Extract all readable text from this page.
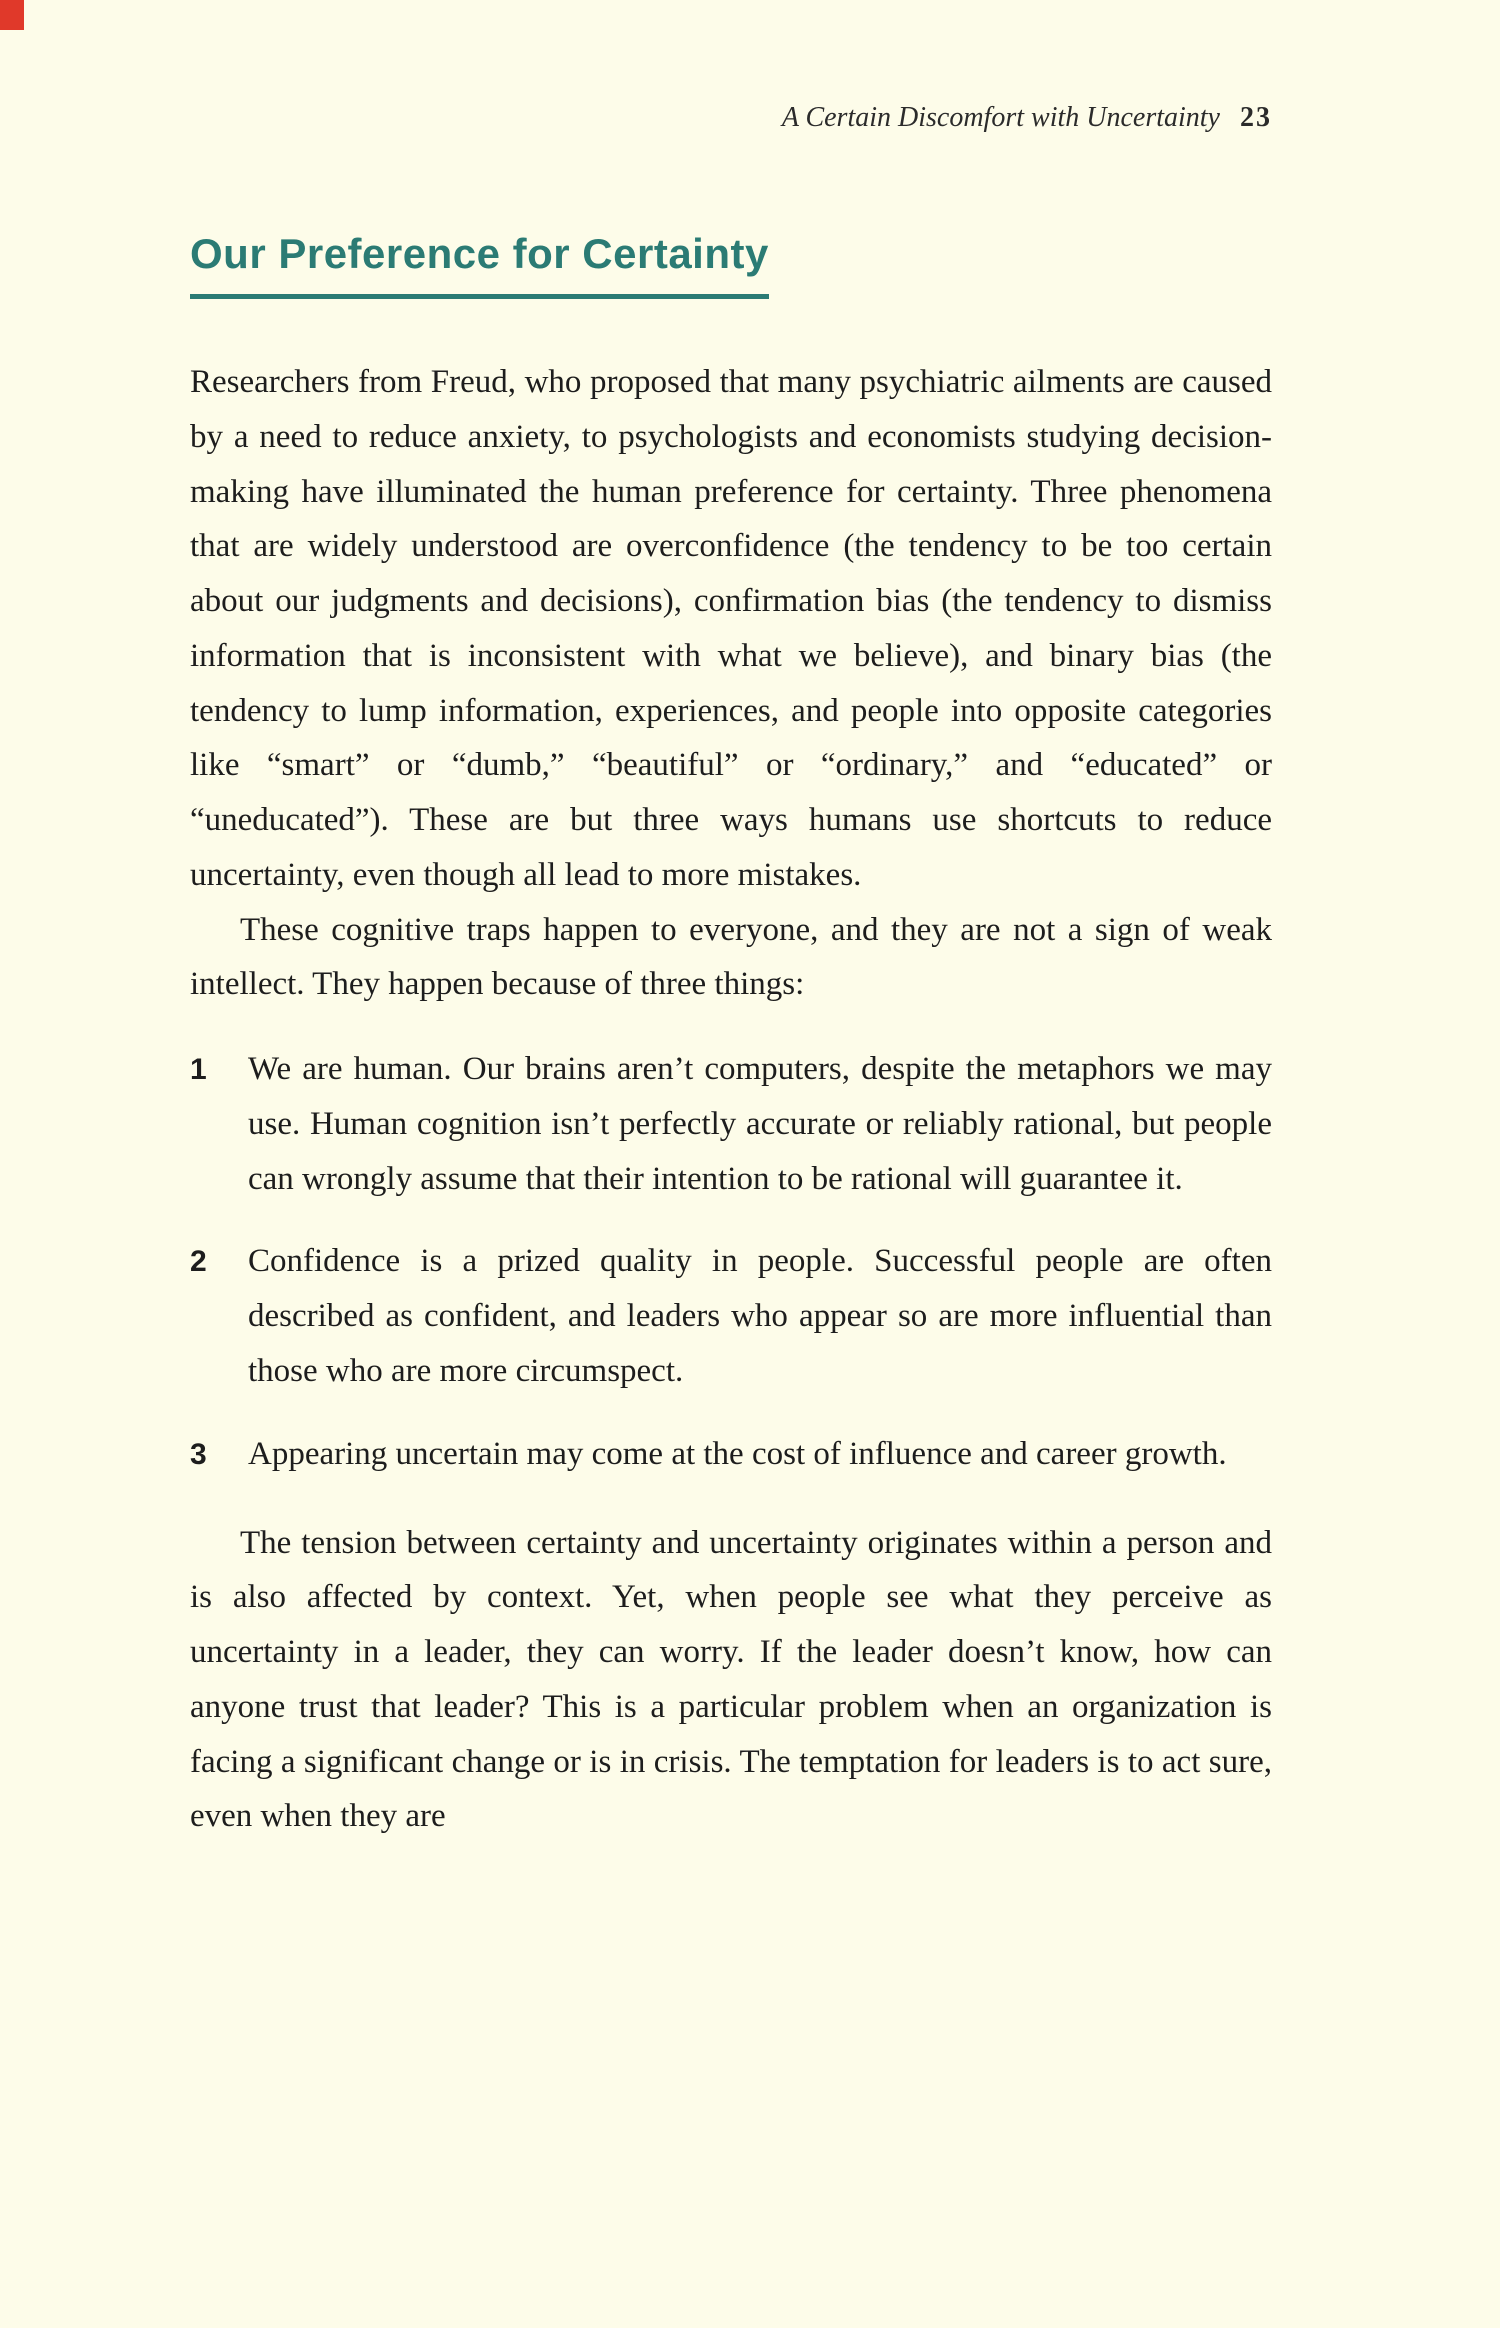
A Certain Discomfort with Uncertainty 23
Our Preference for Certainty

Researchers from Freud, who proposed that many psychiatric ailments are caused by a need to reduce anxiety, to psychologists and economists studying decision-making have illuminated the human preference for certainty. Three phenomena that are widely understood are overconfidence (the tendency to be too certain about our judgments and decisions), confirmation bias (the tendency to dismiss information that is inconsistent with what we believe), and binary bias (the tendency to lump information, experiences, and people into opposite categories like “smart” or “dumb,” “beautiful” or “ordinary,” and “educated” or “uneducated”). These are but three ways humans use shortcuts to reduce uncertainty, even though all lead to more mistakes.

These cognitive traps happen to everyone, and they are not a sign of weak intellect. They happen because of three things:

1	We are human. Our brains aren’t computers, despite the metaphors we may use. Human cognition isn’t perfectly accurate or reliably rational, but people can wrongly assume that their intention to be rational will guarantee it.
2	Confidence is a prized quality in people. Successful people are often described as confident, and leaders who appear so are more influential than those who are more circumspect.
3	Appearing uncertain may come at the cost of influence and career growth.

The tension between certainty and uncertainty originates within a person and is also affected by context. Yet, when people see what they perceive as uncertainty in a leader, they can worry. If the leader doesn’t know, how can anyone trust that leader? This is a particular problem when an organization is facing a significant change or is in crisis. The temptation for leaders is to act sure, even when they are
